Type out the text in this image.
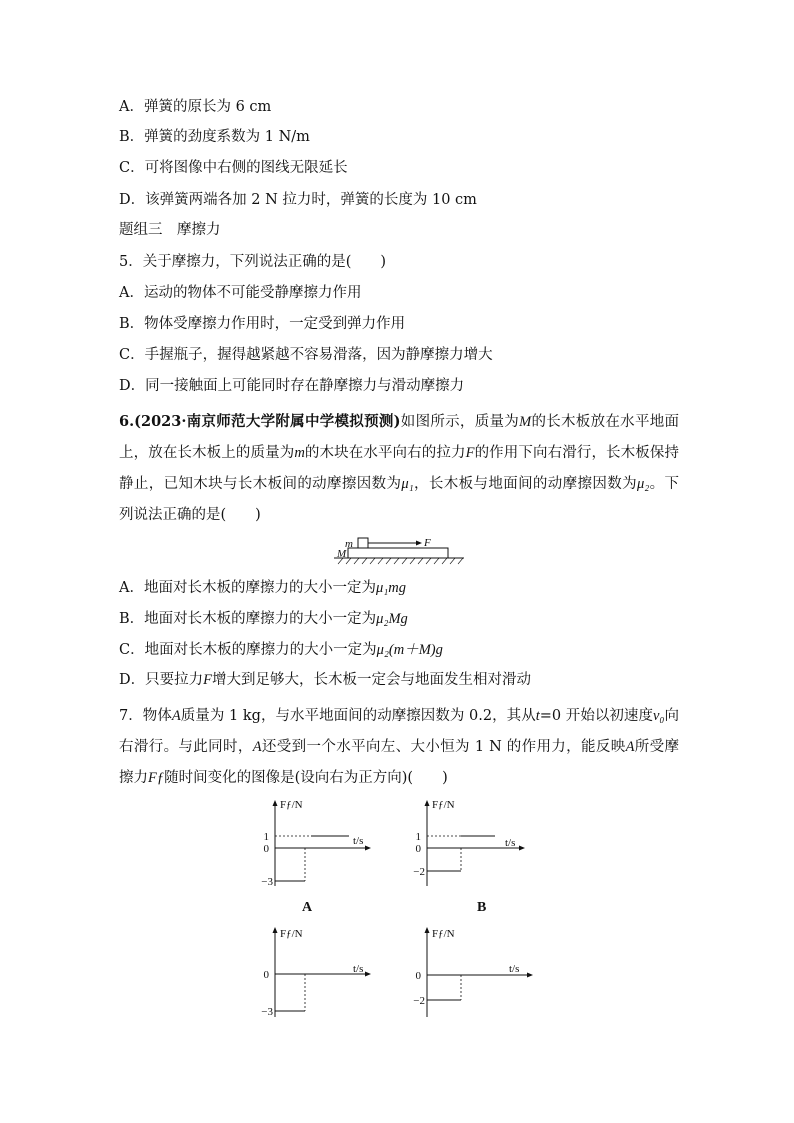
A．弹簧的原长为 6 cm
B．弹簧的劲度系数为 1 N/m
C．可将图像中右侧的图线无限延长
D．该弹簧两端各加 2 N 拉力时，弹簧的长度为 10 cm
题组三　摩擦力
5．关于摩擦力，下列说法正确的是(　　)
A．运动的物体不可能受静摩擦力作用
B．物体受摩擦力作用时，一定受到弹力作用
C．手握瓶子，握得越紧越不容易滑落，因为静摩擦力增大
D．同一接触面上可能同时存在静摩擦力与滑动摩擦力
6.(2023·南京师范大学附属中学模拟预测)如图所示，质量为M的长木板放在水平地面上，放在长木板上的质量为m的木块在水平向右的拉力F的作用下向右滑行，长木板保持静止，已知木块与长木板间的动摩擦因数为μ₁，长木板与地面间的动摩擦因数为μ₂。下列说法正确的是(　　)
m
M
F
A．地面对长木板的摩擦力的大小一定为μ₁mg
B．地面对长木板的摩擦力的大小一定为μ₂Mg
C．地面对长木板的摩擦力的大小一定为μ₂(m＋M)g
D．只要拉力F增大到足够大，长木板一定会与地面发生相对滑动
7．物体A质量为 1 kg，与水平地面间的动摩擦因数为 0.2，其从t=0 开始以初速度v₀向右滑行。与此同时，A还受到一个水平向左、大小恒为 1 N 的作用力，能反映A所受摩擦力Fƒ随时间变化的图像是(设向右为正方向)(　　)
Fƒ/N
t/s
1
0
−3
A
Fƒ/N
t/s
1
0
−2
B
Fƒ/N
t/s
0
−3
Fƒ/N
t/s
0
−2
